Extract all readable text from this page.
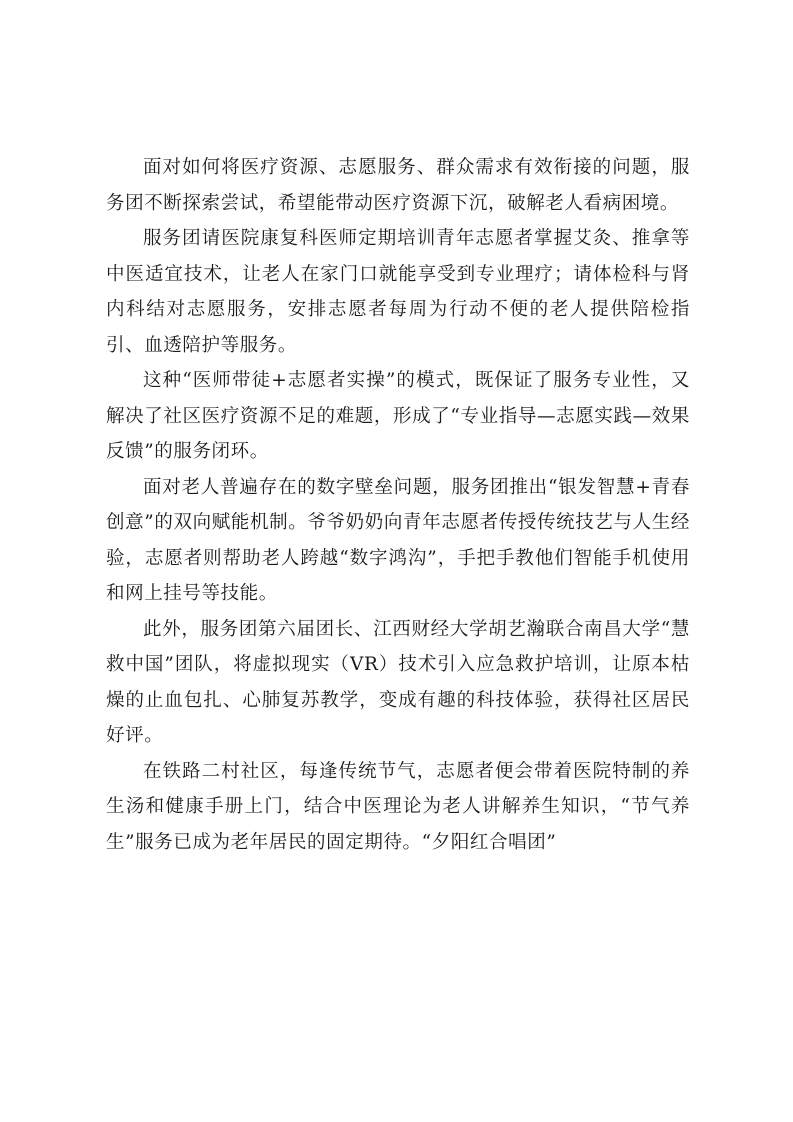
面对如何将医疗资源、志愿服务、群众需求有效衔接的问题，服务团不断探索尝试，希望能带动医疗资源下沉，破解老人看病困境。

服务团请医院康复科医师定期培训青年志愿者掌握艾灸、推拿等中医适宜技术，让老人在家门口就能享受到专业理疗；请体检科与肾内科结对志愿服务，安排志愿者每周为行动不便的老人提供陪检指引、血透陪护等服务。

这种“医师带徒+志愿者实操”的模式，既保证了服务专业性，又解决了社区医疗资源不足的难题，形成了“专业指导—志愿实践—效果反馈”的服务闭环。

面对老人普遍存在的数字壁垒问题，服务团推出“银发智慧+青春创意”的双向赋能机制。爷爷奶奶向青年志愿者传授传统技艺与人生经验，志愿者则帮助老人跨越“数字鸿沟”，手把手教他们智能手机使用和网上挂号等技能。

此外，服务团第六届团长、江西财经大学胡艺瀚联合南昌大学“慧救中国”团队，将虚拟现实（VR）技术引入应急救护培训，让原本枯燥的止血包扎、心肺复苏教学，变成有趣的科技体验，获得社区居民好评。

在铁路二村社区，每逢传统节气，志愿者便会带着医院特制的养生汤和健康手册上门，结合中医理论为老人讲解养生知识，“节气养生”服务已成为老年居民的固定期待。“夕阳红合唱团”
